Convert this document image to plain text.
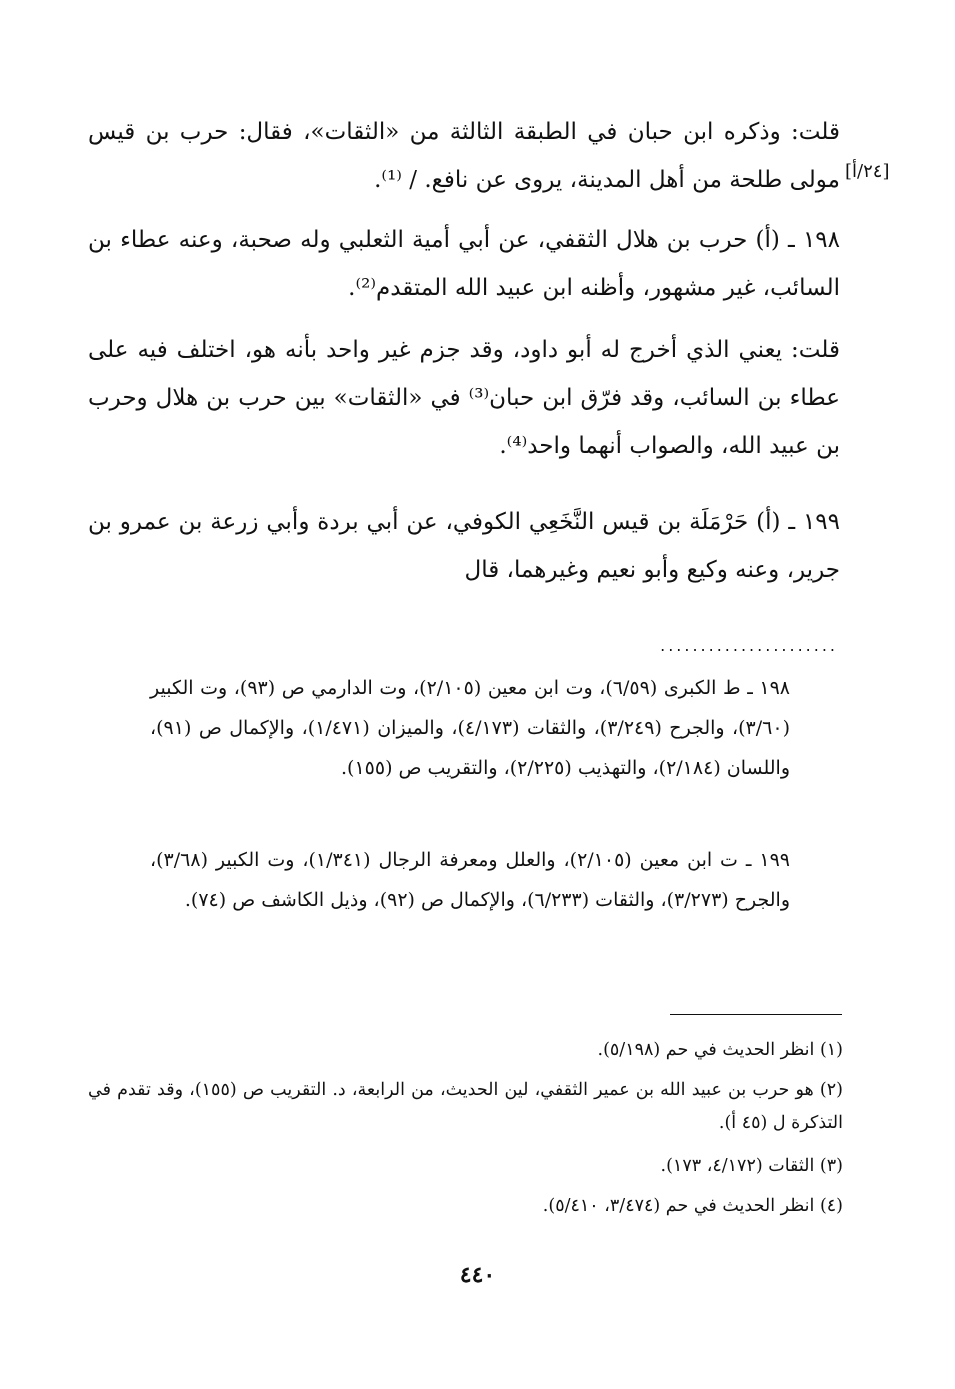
[٢٤/أ]

قلت: وذكره ابن حبان في الطبقة الثالثة من «الثقات»، فقال: حرب بن قيس مولى طلحة من أهل المدينة، يروى عن نافع. / ⁽¹⁾.

١٩٨ ـ (أ) حرب بن هلال الثقفي، عن أبي أمية الثعلبي وله صحبة، وعنه عطاء بن السائب، غير مشهور، وأظنه ابن عبيد الله المتقدم⁽²⁾.

قلت: يعني الذي أخرج له أبو داود، وقد جزم غير واحد بأنه هو، اختلف فيه على عطاء بن السائب، وقد فرّق ابن حبان⁽³⁾ في «الثقات» بين حرب بن هلال وحرب بن عبيد الله، والصواب أنهما واحد⁽⁴⁾.

١٩٩ ـ (أ) حَرْمَلَة بن قيس النَّخَعِي الكوفي، عن أبي بردة وأبي زرعة بن عمرو بن جرير، وعنه وكيع وأبو نعيم وغيرهما، قال

......................

١٩٨ ـ ط الكبرى (٦/٥٩)، وت ابن معين (٢/١٠٥)، وت الدارمي ص (٩٣)، وت الكبير (٣/٦٠)، والجرح (٣/٢٤٩)، والثقات (٤/١٧٣)، والميزان (١/٤٧١)، والإكمال ص (٩١)، واللسان (٢/١٨٤)، والتهذيب (٢/٢٢٥)، والتقريب ص (١٥٥).

١٩٩ ـ ت ابن معين (٢/١٠٥)، والعلل ومعرفة الرجال (١/٣٤١)، وت الكبير (٣/٦٨)، والجرح (٣/٢٧٣)، والثقات (٦/٢٣٣)، والإكمال ص (٩٢)، وذيل الكاشف ص (٧٤).

(١) انظر الحديث في حم (٥/١٩٨).

(٢) هو حرب بن عبيد الله بن عمير الثقفي، لين الحديث، من الرابعة، د. التقريب ص (١٥٥)، وقد تقدم في التذكرة ل (٤٥ أ).

(٣) الثقات (٤/١٧٢، ١٧٣).

(٤) انظر الحديث في حم (٣/٤٧٤، ٥/٤١٠).

٤٤٠
